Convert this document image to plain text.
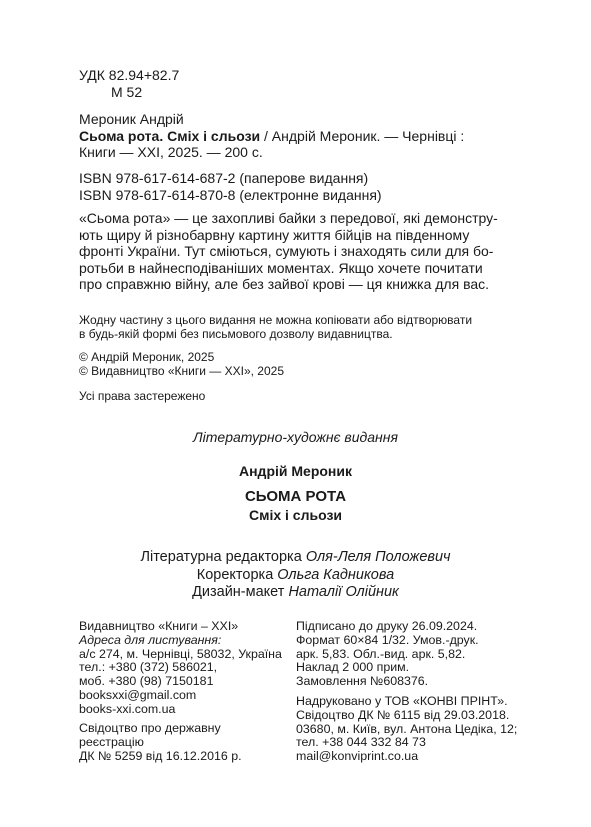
УДК 82.94+82.7
М 52
Мероник Андрій
Сьома рота. Сміх і сльози / Андрій Мероник. — Чернівці :
Книги — ХХІ, 2025. — 200 с.
ISBN 978-617-614-687-2 (паперове видання)
ISBN 978-617-614-870-8 (електронне видання)
«Сьома рота» — це захопливі байки з передової, які демонстру-
ють щиру й різнобарвну картину життя бійців на південному
фронті України. Тут сміються, сумують і знаходять сили для бо-
ротьби в найнесподіваніших моментах. Якщо хочете почитати
про справжню війну, але без зайвої крові — ця книжка для вас.
Жодну частину з цього видання не можна копіювати або відтворювати
в будь-якій формі без письмового дозволу видавництва.
© Андрій Мероник, 2025
© Видавництво «Книги — ХХІ», 2025
Усі права застережено
Літературно-художнє видання
Андрій Мероник
СЬОМА РОТА
Сміх і сльози
Літературна редакторка Оля-Леля Положевич
Коректорка Ольга Кадникова
Дизайн-макет Наталії Олійник
Видавництво «Книги – ХХІ»
Адреса для листування:
а/с 274, м. Чернівці, 58032, Україна
тел.: +380 (372) 586021,
моб. +380 (98) 7150181
booksxxi@gmail.com
books-xxi.com.ua
Свідоцтво про державну
реєстрацію
ДК № 5259 від 16.12.2016 р.
Підписано до друку 26.09.2024.
Формат 60×84 1/32. Умов.-друк.
арк. 5,83. Обл.-вид. арк. 5,82.
Наклад 2 000 прим.
Замовлення №608376.
Надруковано у ТОВ «КОНВІ ПРІНТ».
Свідоцтво ДК № 6115 від 29.03.2018.
03680, м. Київ, вул. Антона Цедіка, 12;
тел. +38 044 332 84 73
mail@konviprint.co.ua
